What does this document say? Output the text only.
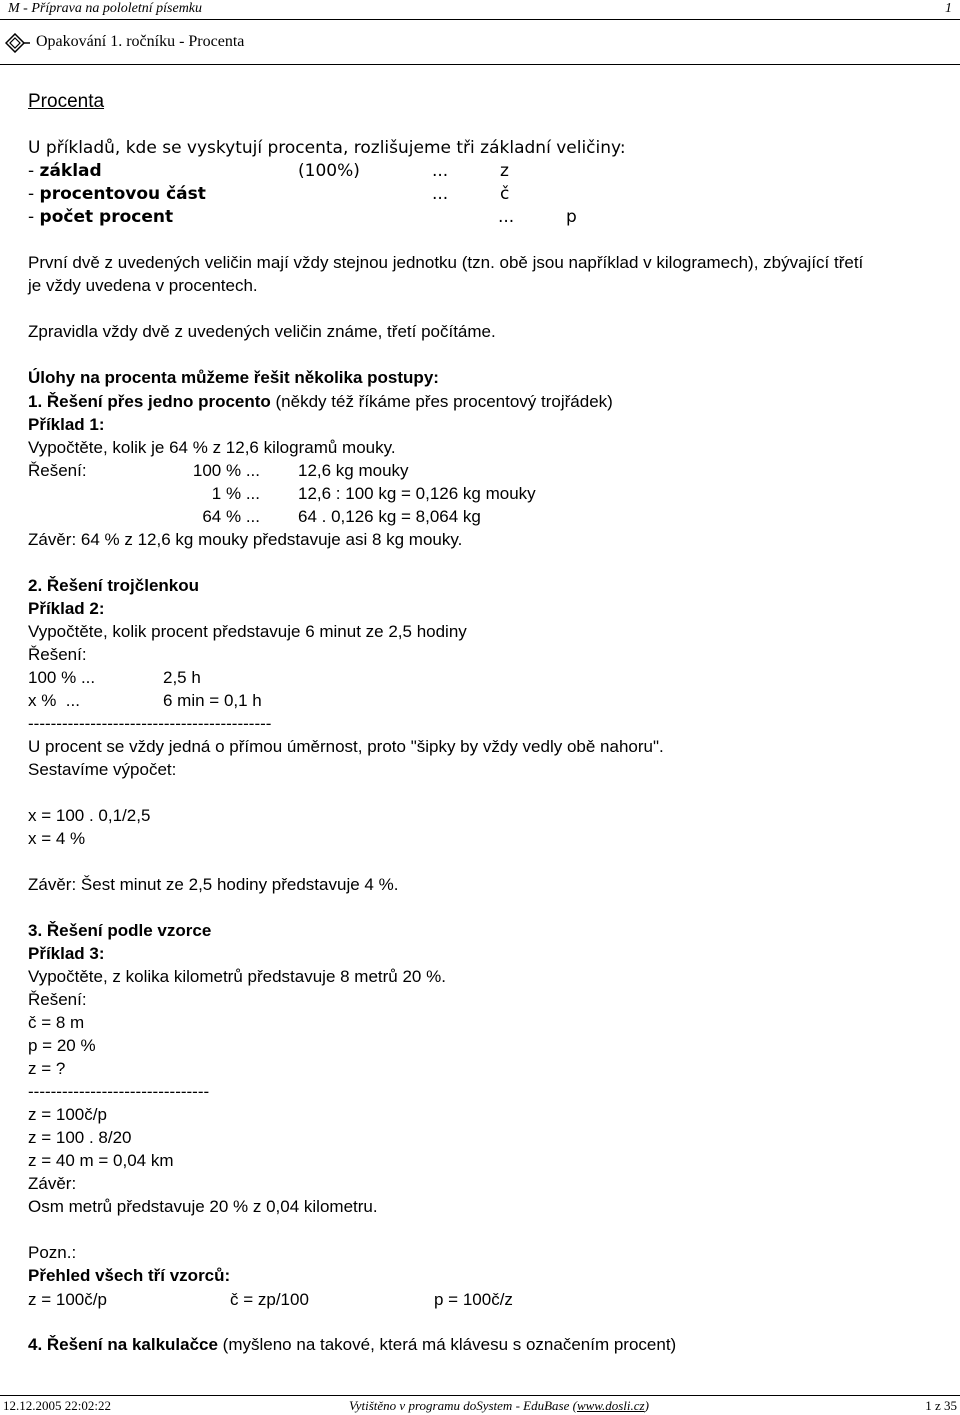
M - Příprava na pololetní písemku	1
Opakování 1. ročníku - Procenta
Procenta
U příkladů, kde se vyskytují procenta, rozlišujeme tři základní veličiny:
- základ	(100%)	...	z
- procentovou část	...	č
- počet procent	...	p
První dvě z uvedených veličin mají vždy stejnou jednotku (tzn. obě jsou například v kilogramech), zbývající třetí
je vždy uvedena v procentech.
Zpravidla vždy dvě z uvedených veličin známe, třetí počítáme.
Úlohy na procenta můžeme řešit několika postupy:
1. Řešení přes jedno procento (někdy též říkáme přes procentový trojřádek)
Příklad 1:
Vypočtěte, kolik je 64 % z 12,6 kilogramů mouky.
Řešení:	100 % ... 12,6 kg mouky
1 % ... 12,6 : 100 kg = 0,126 kg mouky
64 % ... 64 . 0,126 kg = 8,064 kg
Závěr: 64 % z 12,6 kg mouky představuje asi 8 kg mouky.
2. Řešení trojčlenkou
Příklad 2:
Vypočtěte, kolik procent představuje 6 minut ze 2,5 hodiny
Řešení:
100 % ...	2,5 h
x % ...	6 min = 0,1 h
-------------------------------------------
U procent se vždy jedná o přímou úměrnost, proto "šipky by vždy vedly obě nahoru".
Sestavíme výpočet:
x = 100 . 0,1/2,5
x = 4 %
Závěr: Šest minut ze 2,5 hodiny představuje 4 %.
3. Řešení podle vzorce
Příklad 3:
Vypočtěte, z kolika kilometrů představuje 8 metrů 20 %.
Řešení:
č = 8 m
p = 20 %
z = ?
--------------------------------
z = 100č/p
z = 100 . 8/20
z = 40 m = 0,04 km
Závěr:
Osm metrů představuje 20 % z 0,04 kilometru.
Pozn.:
Přehled všech tří vzorců:
z = 100č/p	č = zp/100	p = 100č/z
4. Řešení na kalkulačce (myšleno na takové, která má klávesu s označením procent)
12.12.2005 22:02:22	Vytištěno v programu doSystem - EduBase (www.dosli.cz)	1 z 35
